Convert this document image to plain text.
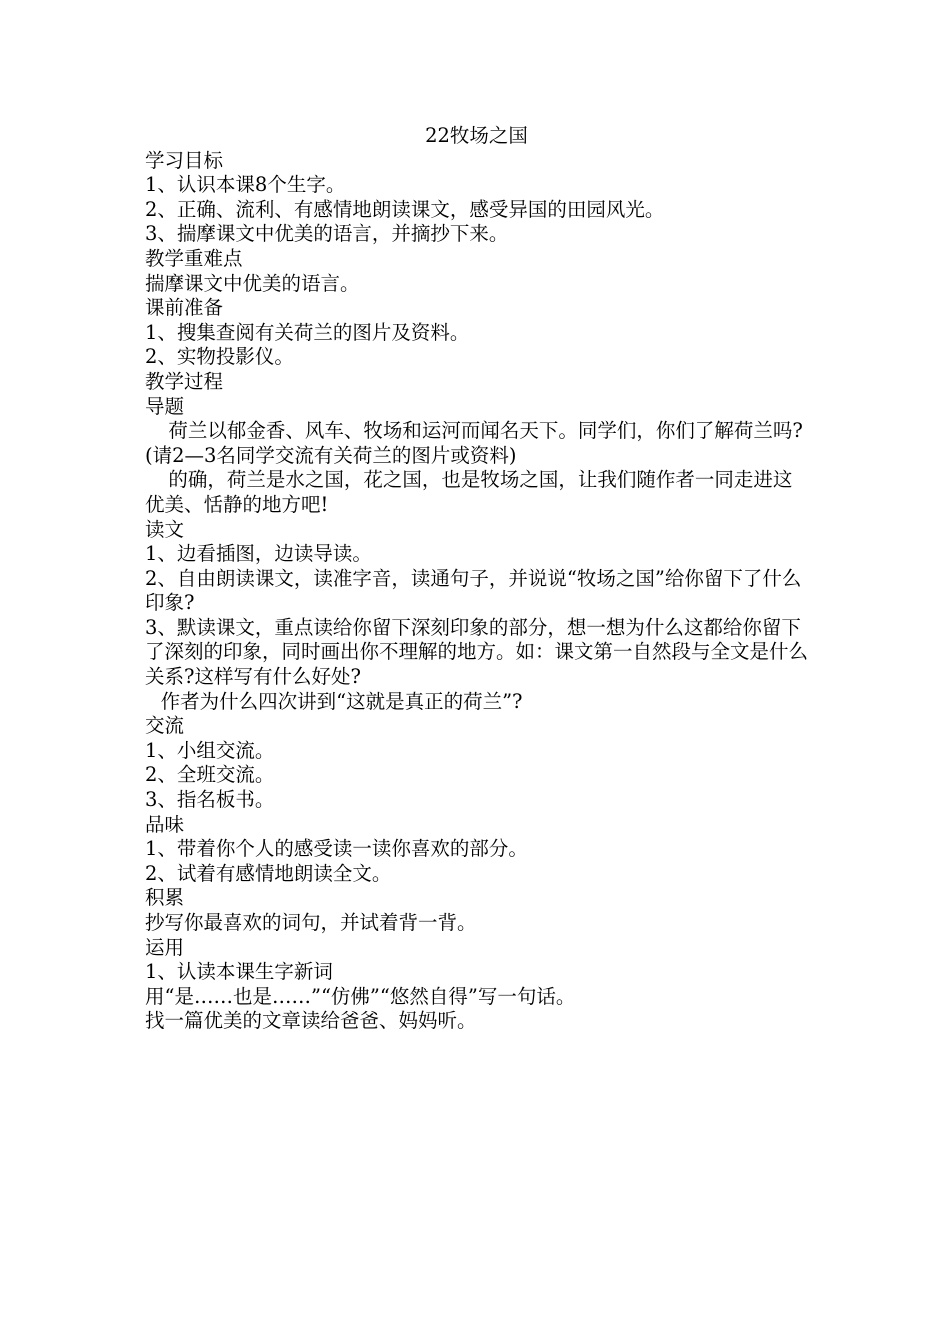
22牧场之国

学习目标

1、认识本课8个生字。

2、正确、流利、有感情地朗读课文，感受异国的田园风光。

3、揣摩课文中优美的语言，并摘抄下来。

教学重难点

揣摩课文中优美的语言。

课前准备

1、搜集查阅有关荷兰的图片及资料。

2、实物投影仪。

教学过程

导题

荷兰以郁金香、风车、牧场和运河而闻名天下。同学们，你们了解荷兰吗?

(请2—3名同学交流有关荷兰的图片或资料)

的确，荷兰是水之国，花之国，也是牧场之国，让我们随作者一同走进这优美、恬静的地方吧!

读文

1、边看插图，边读导读。

2、自由朗读课文，读准字音，读通句子，并说说“牧场之国”给你留下了什么印象?

3、默读课文，重点读给你留下深刻印象的部分，想一想为什么这都给你留下了深刻的印象，同时画出你不理解的地方。如：课文第一自然段与全文是什么关系?这样写有什么好处?

作者为什么四次讲到“这就是真正的荷兰”?

交流

1、小组交流。

2、全班交流。

3、指名板书。

品味

1、带着你个人的感受读一读你喜欢的部分。

2、试着有感情地朗读全文。

积累

抄写你最喜欢的词句，并试着背一背。

运用

1、认读本课生字新词

用“是……也是……”“仿佛”“悠然自得”写一句话。

找一篇优美的文章读给爸爸、妈妈听。
